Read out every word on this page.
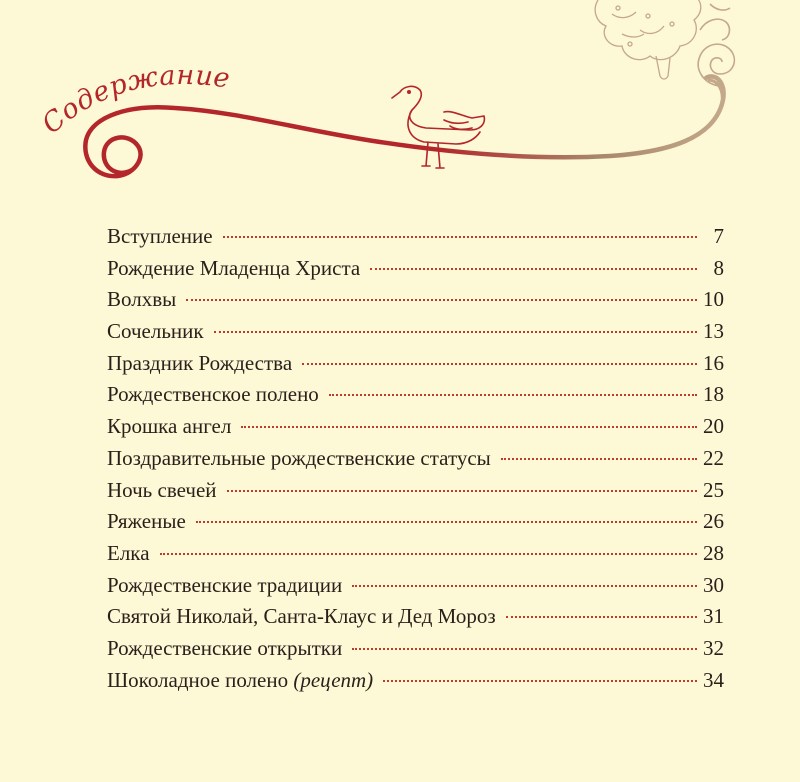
Содержание
Вступление	7
Рождение Младенца Христа	8
Волхвы	10
Сочельник	13
Праздник Рождества	16
Рождественское полено	18
Крошка ангел	20
Поздравительные рождественские статусы	22
Ночь свечей	25
Ряженые	26
Елка	28
Рождественские традиции	30
Святой Николай, Санта-Клаус и Дед Мороз	31
Рождественские открытки	32
Шоколадное полено (рецепт)	34
